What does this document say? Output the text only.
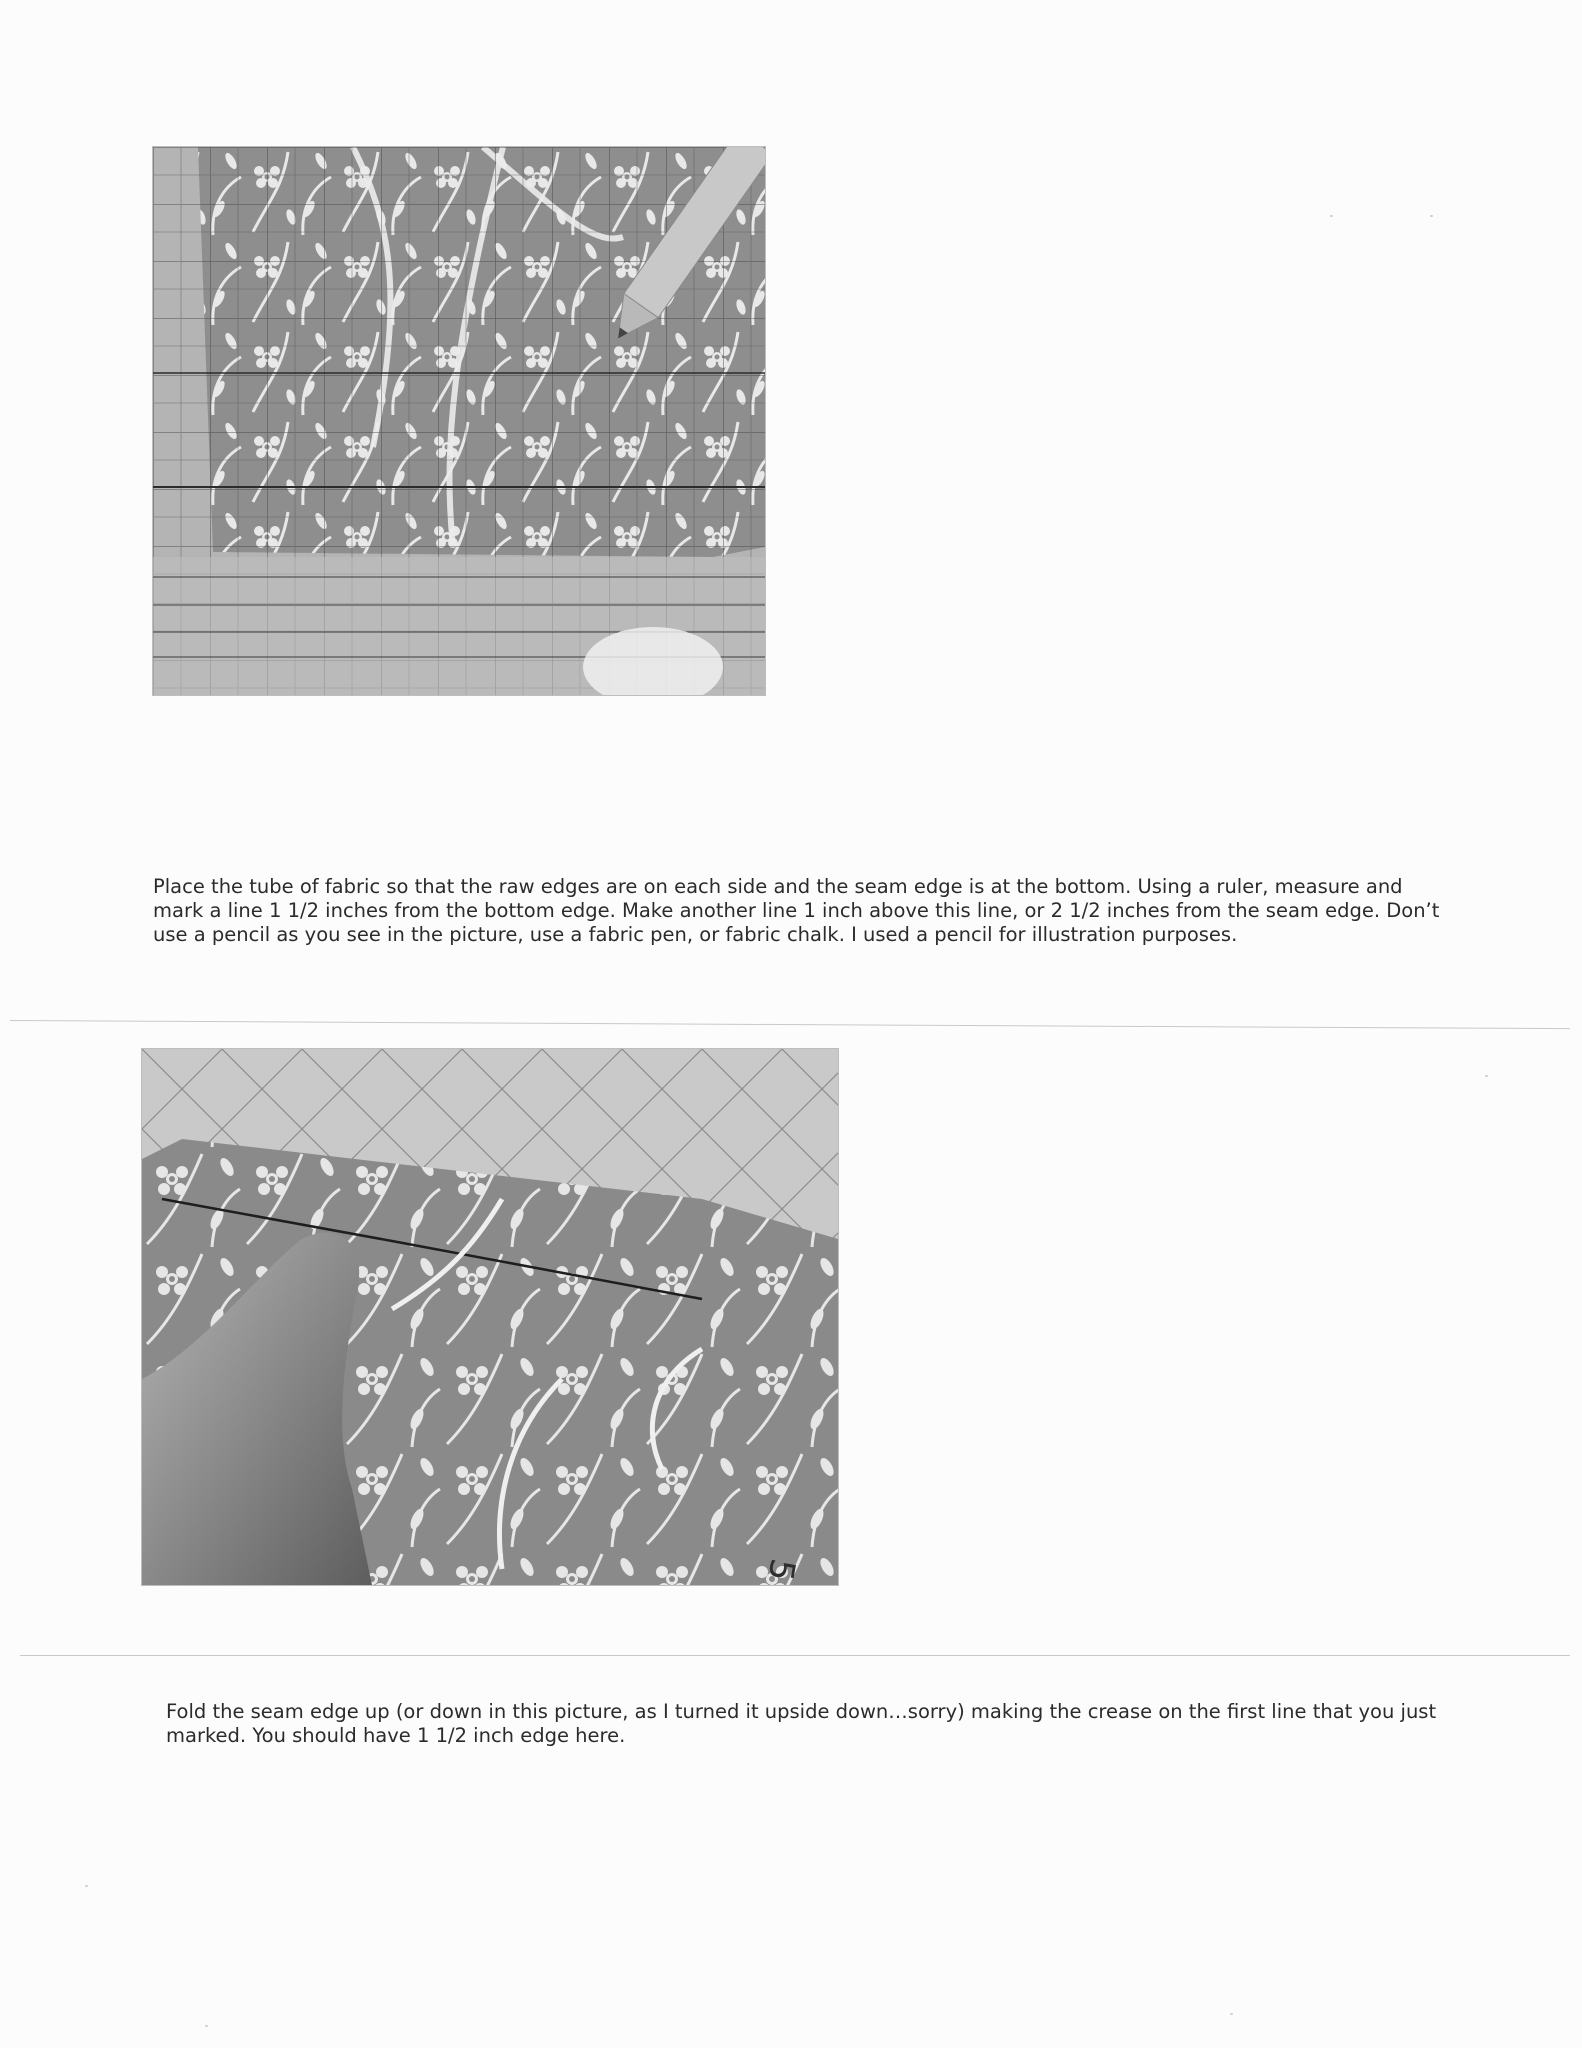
Place the tube of fabric so that the raw edges are on each side and the seam edge is at the bottom. Using a ruler, measure and mark a line 1 1/2 inches from the bottom edge. Make another line 1 inch above this line, or 2 1/2 inches from the seam edge. Don’t use a pencil as you see in the picture, use a fabric pen, or fabric chalk. I used a pencil for illustration purposes.

5

Fold the seam edge up (or down in this picture, as I turned it upside down…sorry) making the crease on the first line that you just marked. You should have 1 1/2 inch edge here.
